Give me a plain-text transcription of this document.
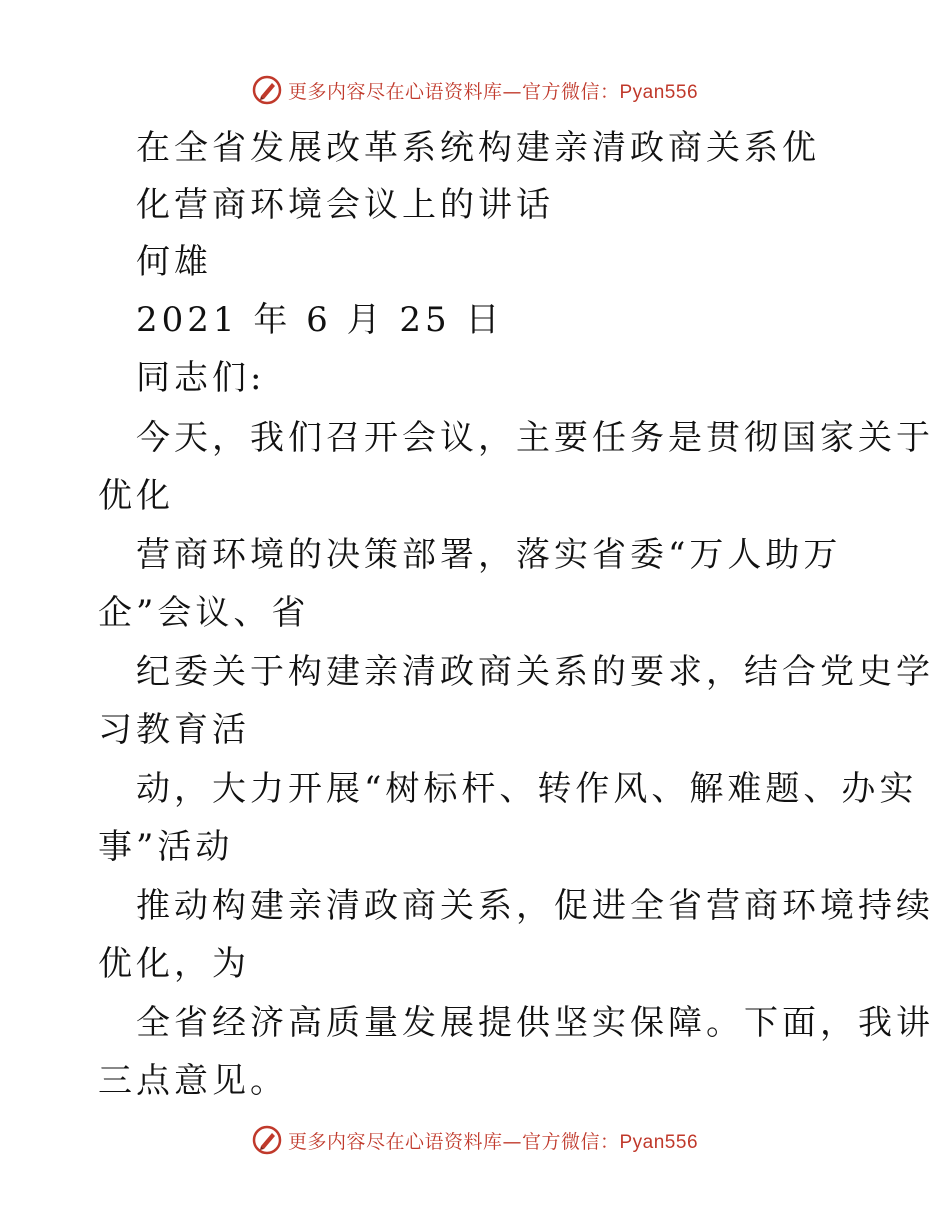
更多内容尽在心语资料库—官方微信：Pyan556
在全省发展改革系统构建亲清政商关系优
化营商环境会议上的讲话
何雄
2021 年 6 月 25 日
同志们:
今天，我们召开会议，主要任务是贯彻国家关于
优化
营商环境的决策部署，落实省委“万人助万
企”会议、省
纪委关于构建亲清政商关系的要求，结合党史学
习教育活
动，大力开展“树标杆、转作风、解难题、办实
事”活动
推动构建亲清政商关系，促进全省营商环境持续
优化，为
全省经济高质量发展提供坚实保障。下面，我讲
三点意见。
更多内容尽在心语资料库—官方微信：Pyan556
